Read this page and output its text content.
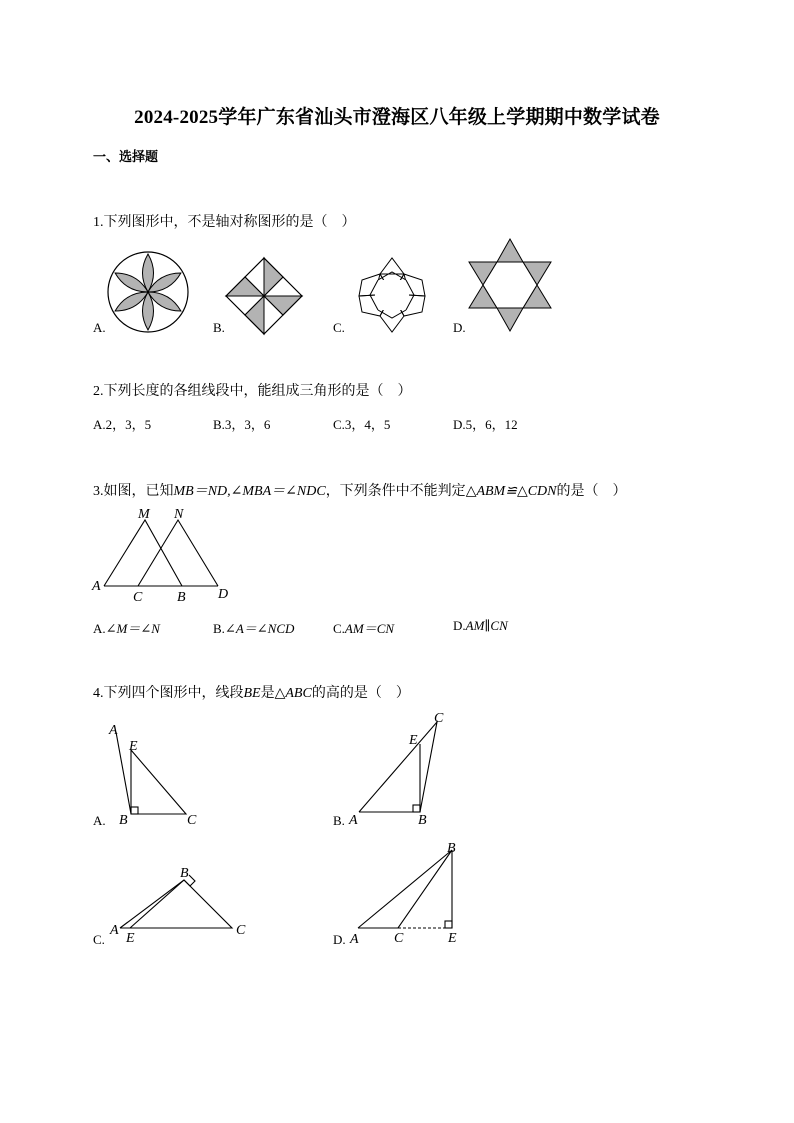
2024-2025学年广东省汕头市澄海区八年级上学期期中数学试卷
一、选择题
1.下列图形中，不是轴对称图形的是（　）
A.	B.	C.	D.
2.下列长度的各组线段中，能组成三角形的是（　）
A.2，3，5	B.3，3，6	C.3，4，5	D.5，6，12
3.如图，已知MB＝ND,∠MBA＝∠NDC，下列条件中不能判定△ABM≌△CDN的是（　）
M N
A
C B D
A.∠M＝∠N	B.∠A＝∠NCD	C.AM＝CN	D.AM∥CN
4.下列四个图形中，线段BE是△ABC的高的是（　）
A
E
B	C
A.
C
E
A	B
B.
B
A
E
C
C.
B
A	C	E
D.
